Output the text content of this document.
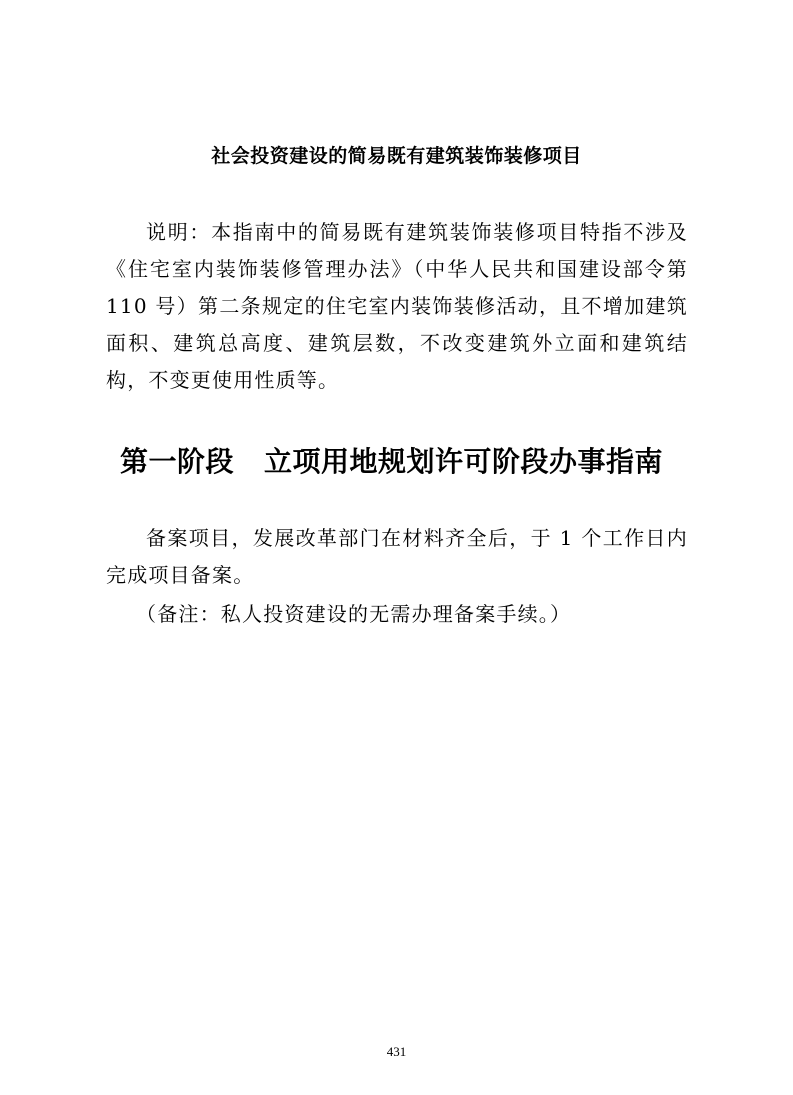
社会投资建设的简易既有建筑装饰装修项目

说明：本指南中的简易既有建筑装饰装修项目特指不涉及《住宅室内装饰装修管理办法》（中华人民共和国建设部令第 110 号）第二条规定的住宅室内装饰装修活动，且不增加建筑面积、建筑总高度、建筑层数，不改变建筑外立面和建筑结构，不变更使用性质等。

第一阶段 立项用地规划许可阶段办事指南

备案项目，发展改革部门在材料齐全后，于 1 个工作日内完成项目备案。

（备注：私人投资建设的无需办理备案手续。）

431
